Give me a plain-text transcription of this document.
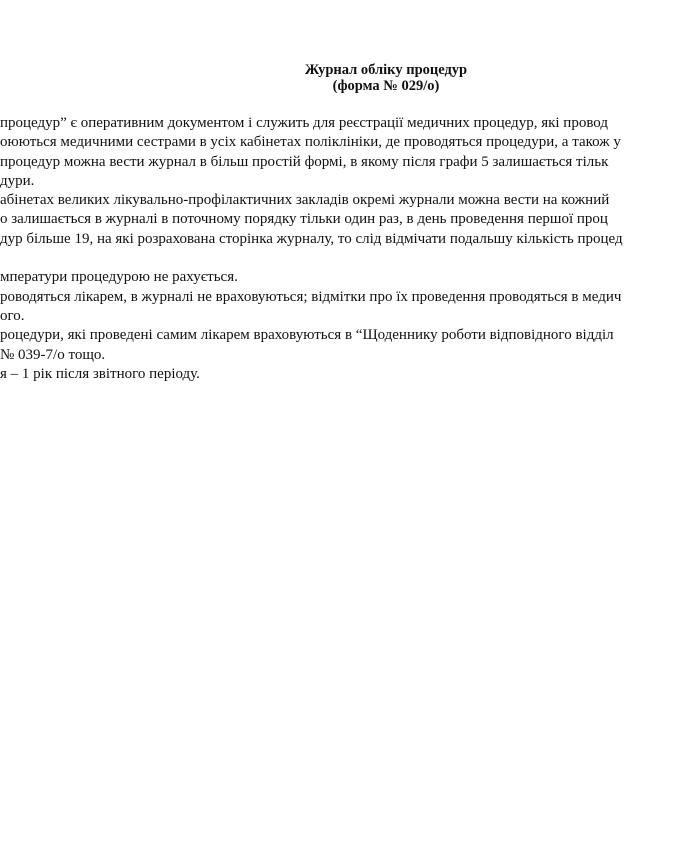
Журнал обліку процедур
(форма № 029/о)
процедур” є оперативним документом і служить для реєстрації медичних процедур, які провод
оюються медичними сестрами в усіх кабінетах поліклініки, де проводяться процедури, а також у
процедур можна вести журнал в більш простій формі, в якому після графи 5 залишається тільк
дури.
абінетах великих лікувально-профілактичних закладів окремі журнали можна вести на кожний
о залишається в журналі в поточному порядку тільки один раз, в день проведення першої проц
дур більше 19, на які розрахована сторінка журналу, то слід відмічати подальшу кількість процед
мператури процедурою не рахується.
роводяться лікарем, в журналі не враховуються; відмітки про їх проведення проводяться в медич
ого.
роцедури, які проведені самим лікарем враховуються в “Щоденнику роботи відповідного відділ
№ 039-7/о тощо.
я – 1 рік після звітного періоду.
